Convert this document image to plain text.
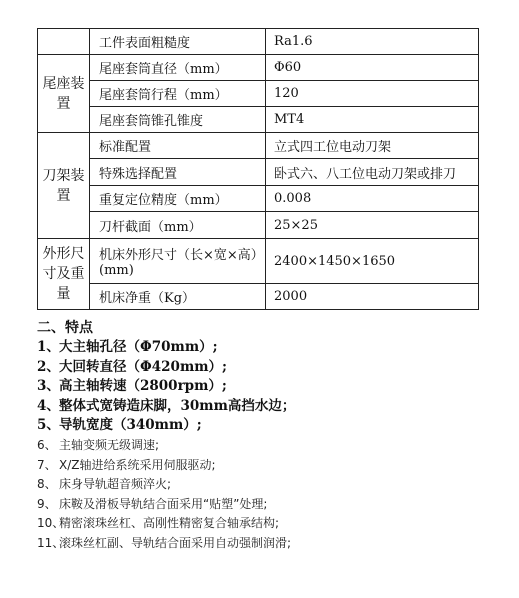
	工件表面粗糙度	Ra1.6
尾座装置	尾座套筒直径（mm）	Φ60
	尾座套筒行程（mm）	120
	尾座套筒锥孔锥度	MT4
刀架装置	标准配置	立式四工位电动刀架
	特殊选择配置	卧式六、八工位电动刀架或排刀
	重复定位精度（mm）	0.008
	刀杆截面（mm）	25×25
外形尺寸及重量	机床外形尺寸（长×宽×高）(mm)	2400×1450×1650
	机床净重（Kg）	2000
二、特点
1、大主轴孔径（Φ70mm）;
2、大回转直径（Φ420mm）;
3、高主轴转速（2800rpm）;
4、整体式宽铸造床脚，30mm高挡水边；
5、导轨宽度（340mm）;
6、 主轴变频无级调速;
7、 X/Z轴进给系统采用伺服驱动;
8、 床身导轨超音频淬火;
9、 床鞍及滑板导轨结合面采用“贴塑”处理;
10、精密滚珠丝杠、高刚性精密复合轴承结构;
11、滚珠丝杠副、导轨结合面采用自动强制润滑;
